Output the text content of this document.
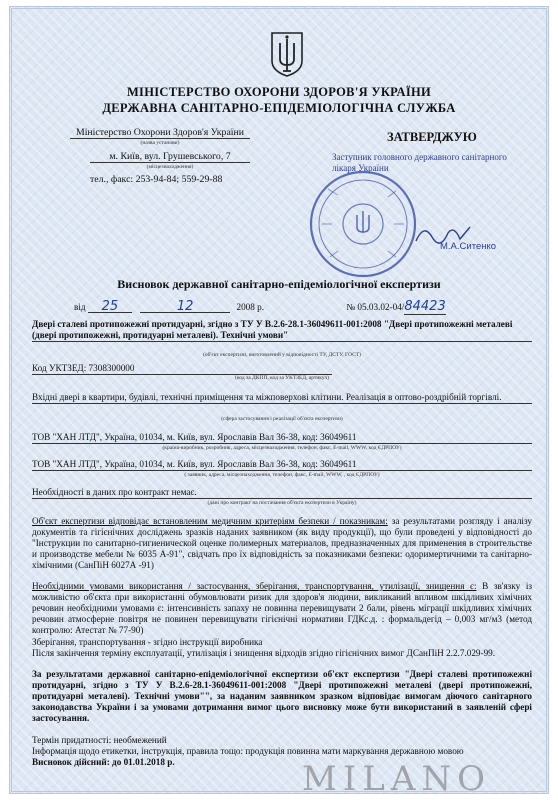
МІНІСТЕРСТВО ОХОРОНИ ЗДОРОВ'Я УКРАЇНИ
ДЕРЖАВНА САНІТАРНО-ЕПІДЕМІОЛОГІЧНА СЛУЖБА
Міністерство Охорони Здоров'я України
(назва установи)
м. Київ, вул. Грушевського, 7
(місцезнаходження)
тел., факс: 253-94-84; 559-29-88
ЗАТВЕРДЖУЮ
Заступник головного державного санітарного лікаря України
М.А.Ситенко
Висновок державної санітарно-епідеміологічної експертизи
від 25	12	2008 р.	№ 05.03.02-04/84423
Двері сталеві протипожежні протидуарні, згідно з ТУ У В.2.6-28.1-36049611-001:2008 "Двері протипожежні металеві (двері протипожежні, протидуарні металеві). Технічні умови"
(об'єкт експертизи, виготовлений у відповідності ТУ, ДСТУ, ГОСТ)
Код УКТЗЕД: 7308300000
(код за ДКПП, код за УКТЗЕД, артикул)
Вхідні двері в квартири, будівлі, технічні приміщення та міжповерхові клітини. Реалізація в оптово-роздрібній торгівлі.
(сфера застосування і реалізації об'єкта експертизи)
ТОВ "ХАН ЛТД", Україна, 01034, м. Київ, вул. Ярославів Вал 36-38, код: 36049611
(країна-виробник, розробник, адреса, місцезнаходження, телефон, факс, E-mail, WWW, код ЄДРПОУ)
ТОВ "ХАН ЛТД", Україна, 01034, м. Київ, вул. Ярославів Вал 36-38, код: 36049611
( заявник, адреса, місцезнаходження, телефон, факс, E-mail, WWW, , код ЄДРПОУ)
Необхідності в даних про контракт немає.
(дані про контракт на постачання об'єкта експертизи в Україну)
Об'єкт експертизи відповідає встановленим медичним критеріям безпеки / показникам: за результатами розгляду і аналізу документів та гігієнічних досліджень зразків наданих заявником (як виду продукції), що були проведені у відповідності до "Інструкции по санитарно-гигиенической оценке полимерных материалов, предназначенных для применения в строительстве и производстве мебели № 6035 А-91", свідчать про їх відповідність за показниками безпеки: одоримертичними та санітарно-хімічними (СанПіН 6027А -91)
Необхідними умовами використання / застосування, зберігання, транспортування, утилізації, знищення є: В зв'язку із можливістю об'єкта при використанні обумовлювати ризик для здоров'я людини, викликаний впливом шкідливих хімічних речовин необхідними умовами є: інтенсивність запаху не повинна перевищувати 2 бали, рівень міграції шкідливих хімічних речовин атмосферне повітря не повинен перевищувати гігієнічні нормативи ГДКс.д. : формальдегід – 0,003 мг/м3 (метод контролю: Атестат № 77-90)
Зберігання, транспортування - згідно інструкції виробника
Після закінчення терміну експлуатації, утилізація і знищення відходів згідно гігієнічних вимог ДСанПіН 2.2.7.029-99.
За результатами державної санітарно-епідеміологічної експертизи об'єкт експертизи "Двері сталеві протипожежні протидуарні, згідно з ТУ У В.2.6-28.1-36049611-001:2008 "Двері протипожежні металеві (двері протипожежні, протидуарні металеві). Технічні умови"", за наданим заявником зразком відповідає вимогам діючого санітарного законодавства України і за умовами дотримання вимог цього висновку може бути використаний в заявленій сфері застосування.
Термін придатності: необмежений
Інформація щодо етикетки, інструкція, правила тощо: продукція повинна мати маркування державною мовою
Висновок дійсний: до 01.01.2018 р.	MILANO
